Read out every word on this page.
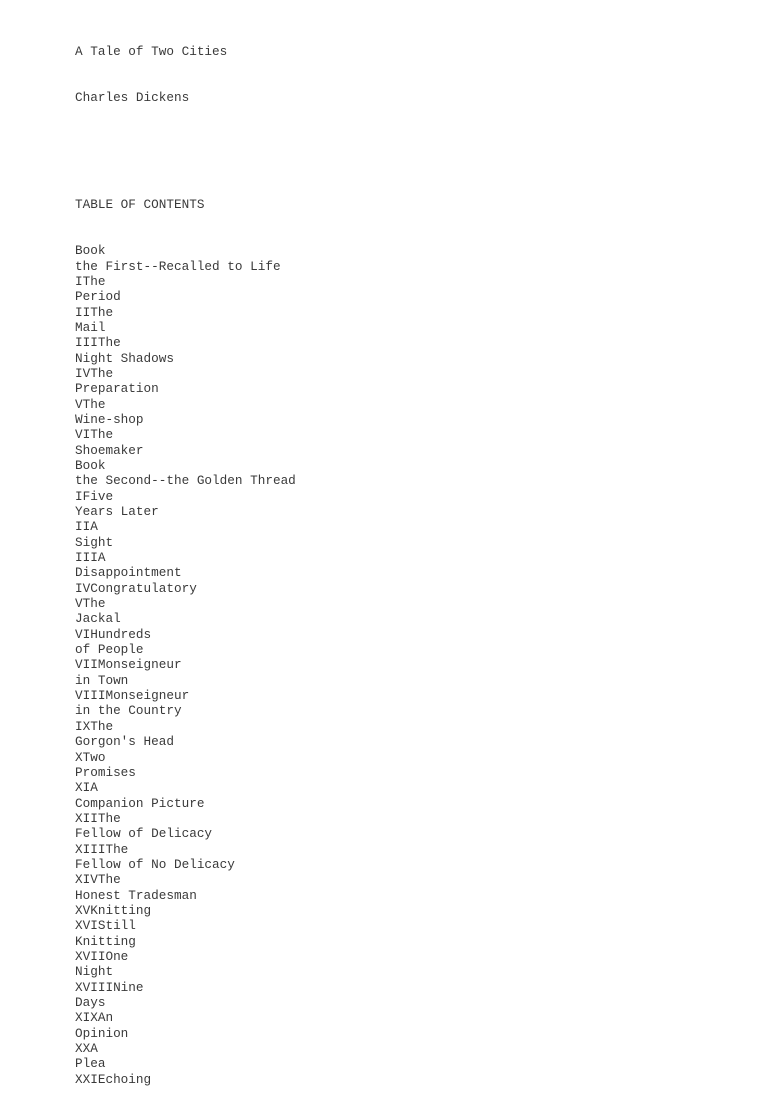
A Tale of Two Cities

Charles Dickens

TABLE OF CONTENTS

Book
the First--Recalled to Life
IThe
Period
IIThe
Mail
IIIThe
Night Shadows
IVThe
Preparation
VThe
Wine-shop
VIThe
Shoemaker
Book
the Second--the Golden Thread
IFive
Years Later
IIA
Sight
IIIA
Disappointment
IVCongratulatory
VThe
Jackal
VIHundreds
of People
VIIMonseigneur
in Town
VIIIMonseigneur
in the Country
IXThe
Gorgon's Head
XTwo
Promises
XIA
Companion Picture
XIIThe
Fellow of Delicacy
XIIIThe
Fellow of No Delicacy
XIVThe
Honest Tradesman
XVKnitting
XVIStill
Knitting
XVIIOne
Night
XVIIINine
Days
XIXAn
Opinion
XXA
Plea
XXIEchoing
